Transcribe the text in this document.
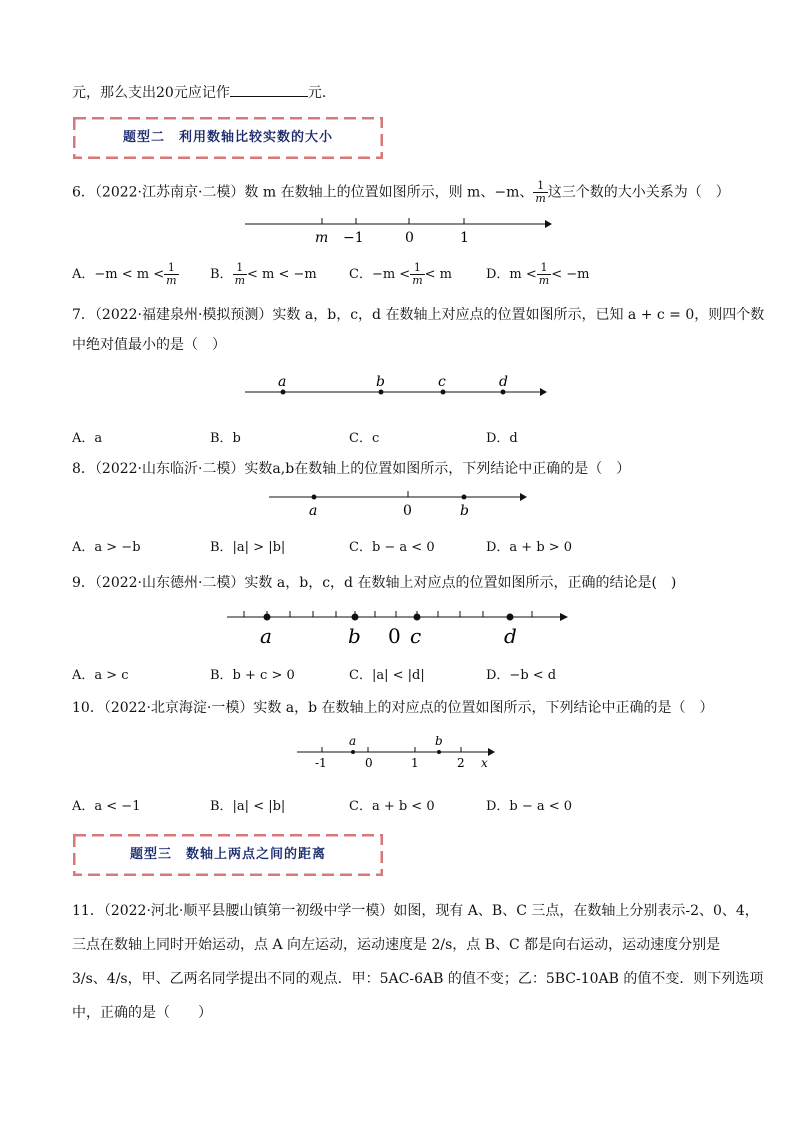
元，那么支出20元应记作	元．
题型二　利用数轴比较实数的大小
6．（2022·江苏南京·二模）数 m 在数轴上的位置如图所示，则 m、−m、 $\frac{1}{m}$ 这三个数的大小关系为（　）
m −1	0	1
A．$-m < m < \frac{1}{m}$ B． $\frac{1}{m} < m < -m$ C．$-m < \frac{1}{m} < m$	D．$m < \frac{1}{m} < -m$
7．（2022·福建泉州·模拟预测）实数 a，b，c，d 在数轴上对应点的位置如图所示，已知 a + c = 0，则四个数
中绝对值最小的是（　）
a	b	c	d
A．a	B．b	C．c	D．d
8．（2022·山东临沂·二模）实数a,b在数轴上的位置如图所示，下列结论中正确的是（　）
a	0	b
A．a > −b	B．|a| > |b|	C．b − a < 0	D．a + b > 0
9．（2022·山东德州·二模）实数 a，b，c，d 在数轴上对应点的位置如图所示，正确的结论是(　)
a	b 0 c	d
A．a > c	B．b + c > 0	C．|a| < |d|	D．−b < d
10．（2022·北京海淀·一模）实数 a，b 在数轴上的对应点的位置如图所示，下列结论中正确的是（　）
a	b
-1	0	1	2 x
A．a < −1	B．|a| < |b|	C．a + b < 0	D．b − a < 0
题型三　数轴上两点之间的距离
11．（2022·河北·顺平县腰山镇第一初级中学一模）如图，现有 A、B、C 三点，在数轴上分别表示-2、0、4，
三点在数轴上同时开始运动，点 A 向左运动，运动速度是 2/s，点 B、C 都是向右运动，运动速度分别是
3/s、4/s，甲、乙两名同学提出不同的观点．甲：5AC-6AB 的值不变；乙：5BC-10AB 的值不变．则下列选项
中，正确的是（　　）
